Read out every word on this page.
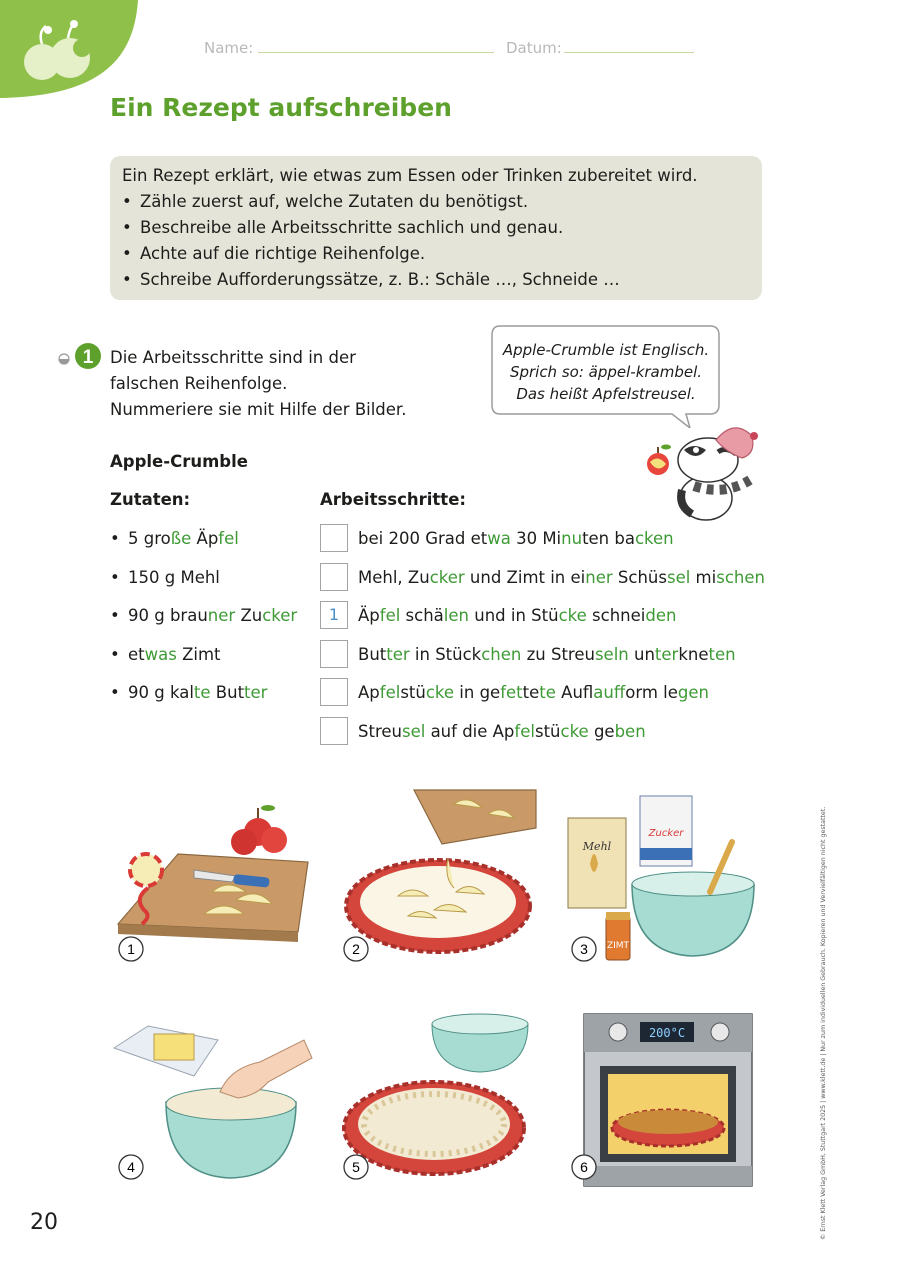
Name:	Datum:
Ein Rezept aufschreiben
Ein Rezept erklärt, wie etwas zum Essen oder Trinken zubereitet wird.
• Zähle zuerst auf, welche Zutaten du benötigst.
• Beschreibe alle Arbeitsschritte sachlich und genau.
• Achte auf die richtige Reihenfolge.
• Schreibe Aufforderungssätze, z. B.: Schäle …, Schneide …
1 Die Arbeitsschritte sind in der
falschen Reihenfolge.
Nummeriere sie mit Hilfe der Bilder.
Apple-Crumble ist Englisch.
Sprich so: äppel-krambel.
Das heißt Apfelstreusel.
Apple-Crumble
Zutaten:	Arbeitsschritte:
• 5 große Äpfel
• 150 g Mehl
• 90 g brauner Zucker
• etwas Zimt
• 90 g kalte Butter
bei 200 Grad etwa 30 Minuten backen
Mehl, Zucker und Zimt in einer Schüssel mischen
1	Äpfel schälen und in Stücke schneiden
Butter in Stückchen zu Streuseln unterkneten
Apfelstücke in gefettete Auflaufform legen
Streusel auf die Apfelstücke geben
Mehl
Zucker
ZIMT
200°C
1	2	3
4	5	6
20	© Ernst Klett Verlag GmbH, Stuttgart 2025 | www.klett.de | Nur zum individuellen Gebrauch. Kopieren und Vervielfältigen nicht gestattet.
